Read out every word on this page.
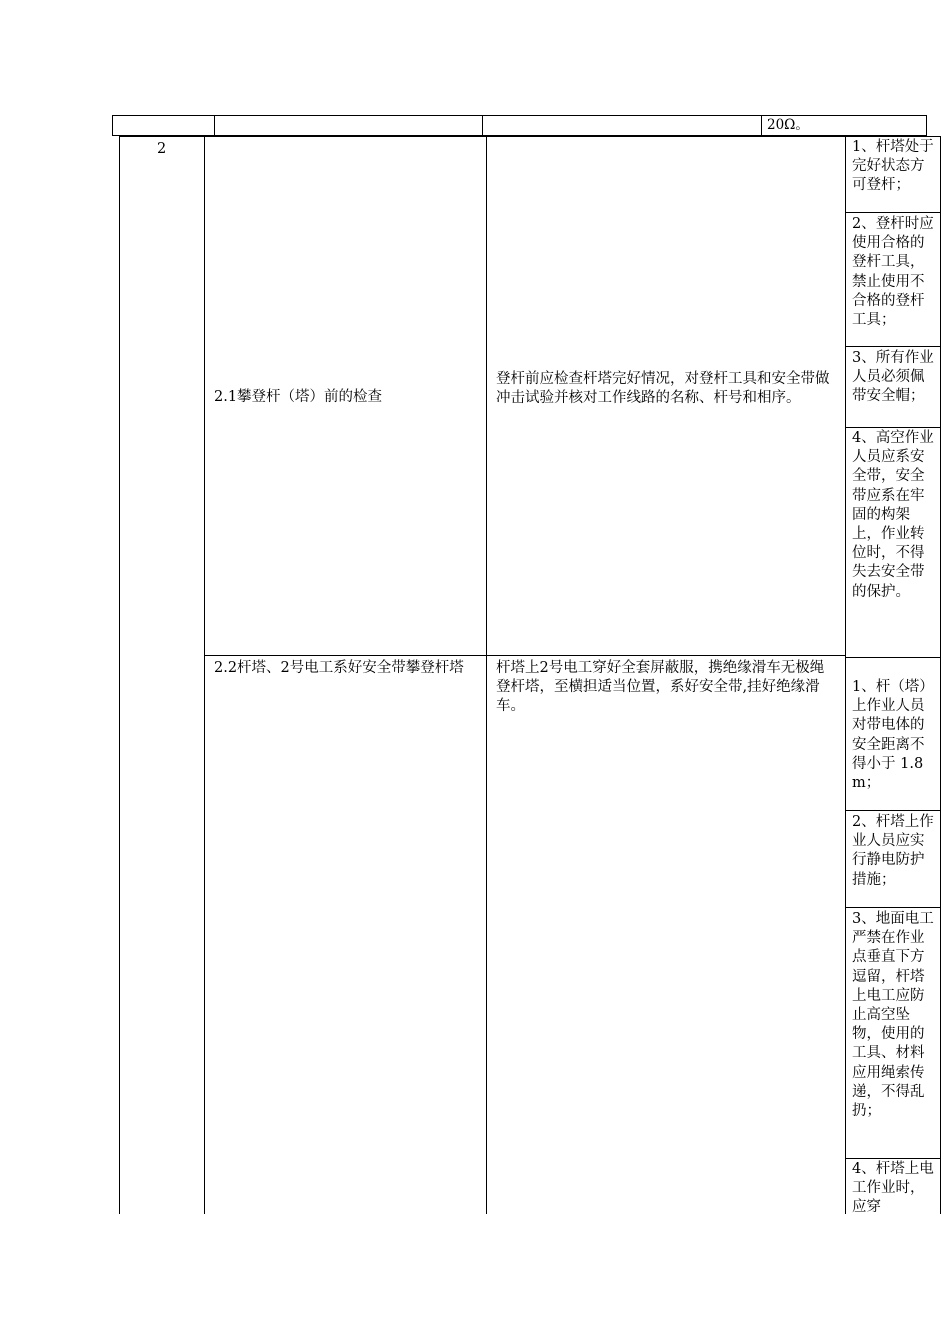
20Ω。
2
2.1攀登杆（塔）前的检查
登杆前应检查杆塔完好情况，对登杆工具和安全带做冲击试验并核对工作线路的名称、杆号和相序。
1、杆塔处于完好状态方可登杆；
2、登杆时应使用合格的登杆工具，禁止使用不合格的登杆工具；
3、所有作业人员必须佩带安全帽；
4、高空作业人员应系安全带，安全带应系在牢固的构架上，作业转位时，不得失去安全带的保护。
2.2杆塔、2号电工系好安全带攀登杆塔	杆塔上2号电工穿好全套屏蔽服，携绝缘滑车无极绳登杆塔，至横担适当位置，系好安全带,挂好绝缘滑车。
1、杆（塔）上作业人员对带电体的安全距离不得小于 1.8m；
2、杆塔上作业人员应实行静电防护措施；
3、地面电工严禁在作业点垂直下方逗留，杆塔上电工应防止高空坠物，使用的工具、材料应用绳索传递，不得乱扔；
4、杆塔上电工作业时，应穿
